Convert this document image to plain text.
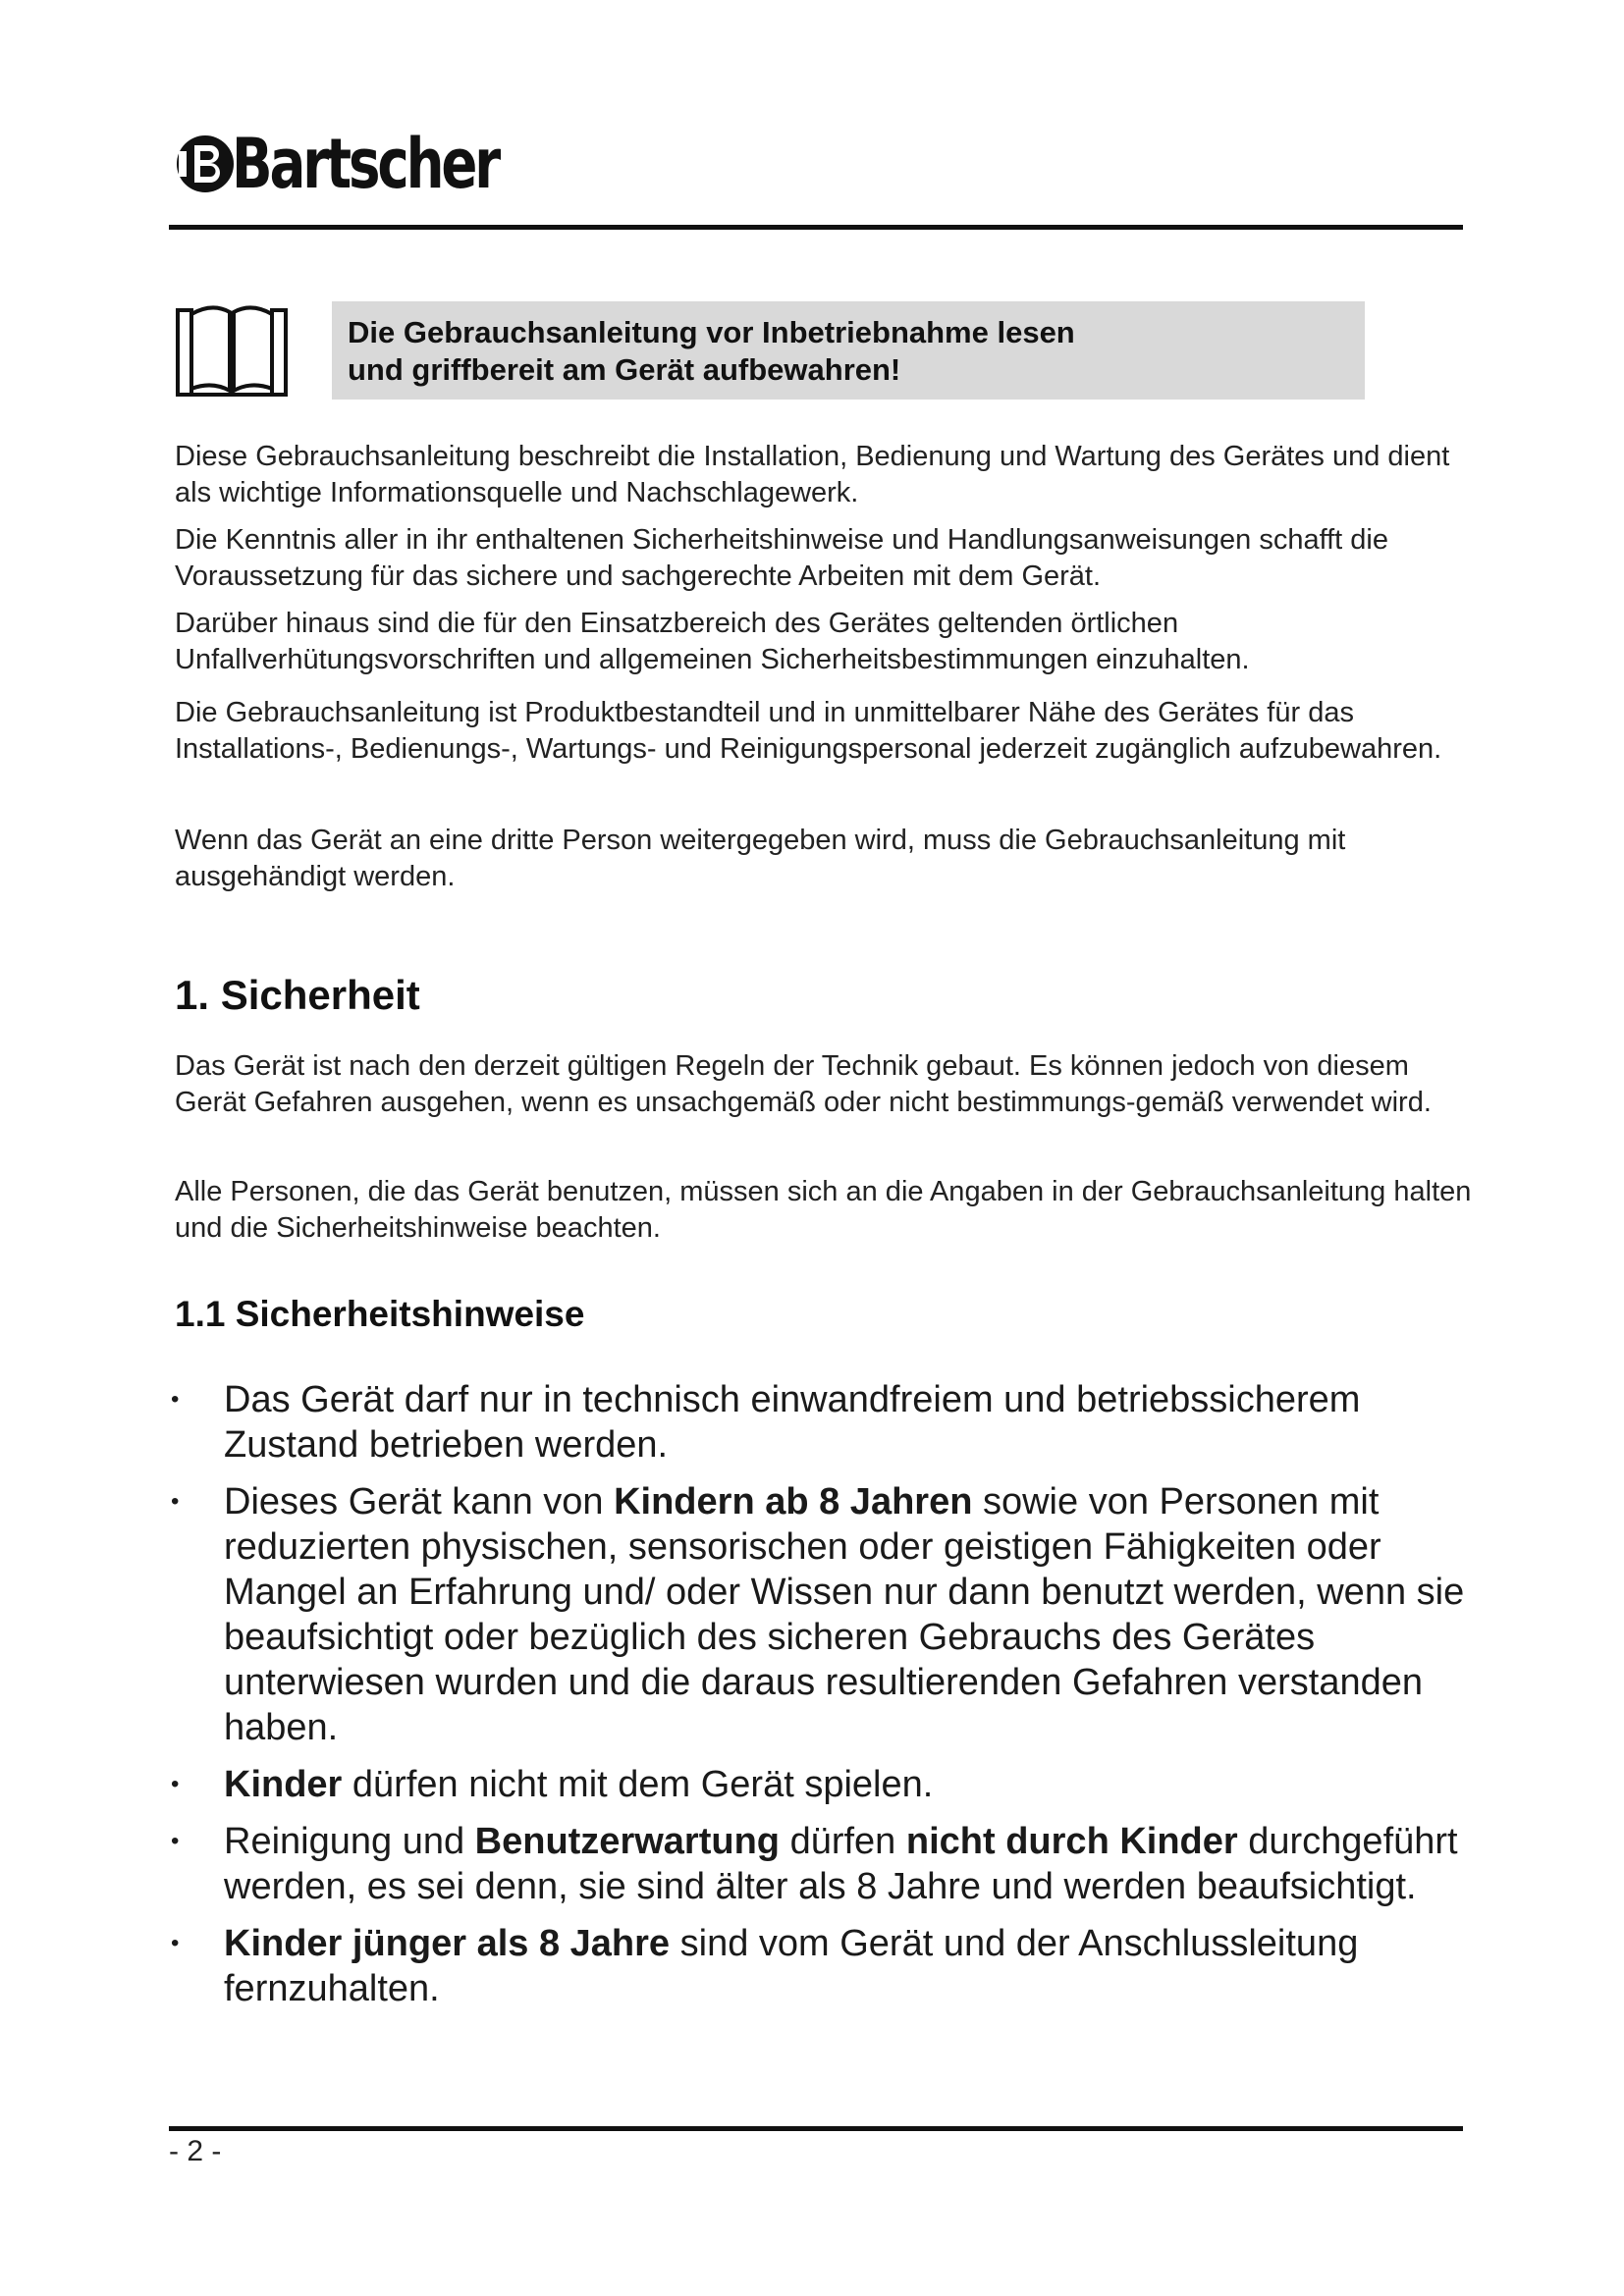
Bartscher
Die Gebrauchsanleitung vor Inbetriebnahme lesen
und griffbereit am Gerät aufbewahren!

Diese Gebrauchsanleitung beschreibt die Installation, Bedienung und Wartung des Gerätes und dient als wichtige Informationsquelle und Nachschlagewerk.

Die Kenntnis aller in ihr enthaltenen Sicherheitshinweise und Handlungsanweisungen schafft die Voraussetzung für das sichere und sachgerechte Arbeiten mit dem Gerät.

Darüber hinaus sind die für den Einsatzbereich des Gerätes geltenden örtlichen Unfallverhütungsvorschriften und allgemeinen Sicherheitsbestimmungen einzuhalten.

Die Gebrauchsanleitung ist Produktbestandteil und in unmittelbarer Nähe des Gerätes für das Installations-, Bedienungs-, Wartungs- und Reinigungspersonal jederzeit zugänglich aufzubewahren.

Wenn das Gerät an eine dritte Person weitergegeben wird, muss die Gebrauchsanleitung mit ausgehändigt werden.

1. Sicherheit

Das Gerät ist nach den derzeit gültigen Regeln der Technik gebaut. Es können jedoch von diesem Gerät Gefahren ausgehen, wenn es unsachgemäß oder nicht bestimmungs-gemäß verwendet wird.

Alle Personen, die das Gerät benutzen, müssen sich an die Angaben in der Gebrauchsanleitung halten und die Sicherheitshinweise beachten.

1.1 Sicherheitshinweise
• Das Gerät darf nur in technisch einwandfreiem und betriebssicherem Zustand betrieben werden.
• Dieses Gerät kann von Kindern ab 8 Jahren sowie von Personen mit reduzierten physischen, sensorischen oder geistigen Fähigkeiten oder Mangel an Erfahrung und/ oder Wissen nur dann benutzt werden, wenn sie beaufsichtigt oder bezüglich des sicheren Gebrauchs des Gerätes unterwiesen wurden und die daraus resultierenden Gefahren verstanden haben.
• Kinder dürfen nicht mit dem Gerät spielen.
• Reinigung und Benutzerwartung dürfen nicht durch Kinder durchgeführt werden, es sei denn, sie sind älter als 8 Jahre und werden beaufsichtigt.
• Kinder jünger als 8 Jahre sind vom Gerät und der Anschlussleitung fernzuhalten.
- 2 -
